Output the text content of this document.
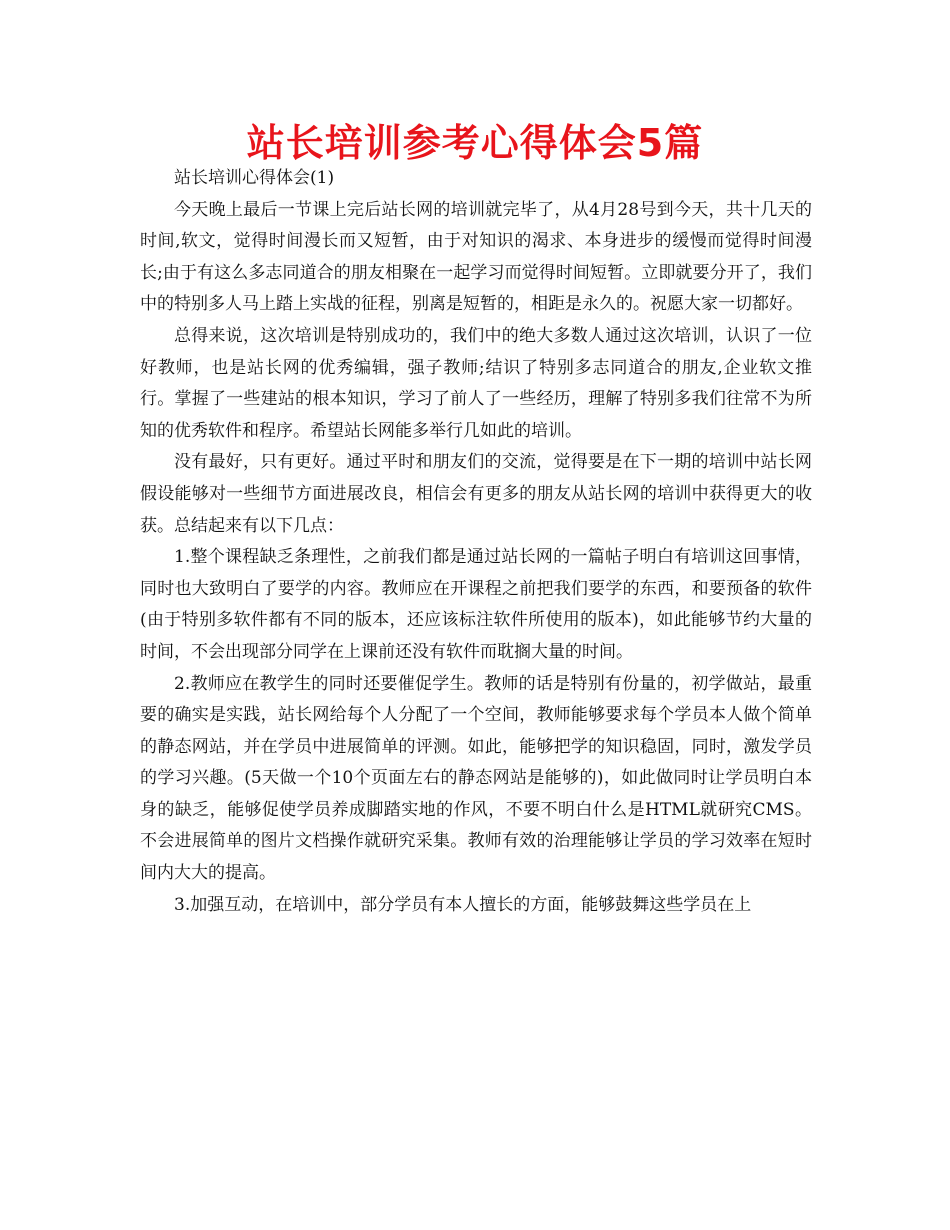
站长培训参考心得体会5篇

站长培训心得体会(1)

今天晚上最后一节课上完后站长网的培训就完毕了，从4月28号到今天，共十几天的时间,软文，觉得时间漫长而又短暂，由于对知识的渴求、本身进步的缓慢而觉得时间漫长;由于有这么多志同道合的朋友相聚在一起学习而觉得时间短暂。立即就要分开了，我们中的特别多人马上踏上实战的征程，别离是短暂的，相距是永久的。祝愿大家一切都好。

总得来说，这次培训是特别成功的，我们中的绝大多数人通过这次培训，认识了一位好教师，也是站长网的优秀编辑，强子教师;结识了特别多志同道合的朋友,企业软文推行。掌握了一些建站的根本知识，学习了前人了一些经历，理解了特别多我们往常不为所知的优秀软件和程序。希望站长网能多举行几如此的培训。

没有最好，只有更好。通过平时和朋友们的交流，觉得要是在下一期的培训中站长网假设能够对一些细节方面进展改良，相信会有更多的朋友从站长网的培训中获得更大的收获。总结起来有以下几点：

1.整个课程缺乏条理性，之前我们都是通过站长网的一篇帖子明白有培训这回事情，同时也大致明白了要学的内容。教师应在开课程之前把我们要学的东西，和要预备的软件(由于特别多软件都有不同的版本，还应该标注软件所使用的版本)，如此能够节约大量的时间，不会出现部分同学在上课前还没有软件而耽搁大量的时间。

2.教师应在教学生的同时还要催促学生。教师的话是特别有份量的，初学做站，最重要的确实是实践，站长网给每个人分配了一个空间，教师能够要求每个学员本人做个简单的静态网站，并在学员中进展简单的评测。如此，能够把学的知识稳固，同时，激发学员的学习兴趣。(5天做一个10个页面左右的静态网站是能够的)，如此做同时让学员明白本身的缺乏，能够促使学员养成脚踏实地的作风，不要不明白什么是HTML就研究CMS。不会进展简单的图片文档操作就研究采集。教师有效的治理能够让学员的学习效率在短时间内大大的提高。

3.加强互动，在培训中，部分学员有本人擅长的方面，能够鼓舞这些学员在上
